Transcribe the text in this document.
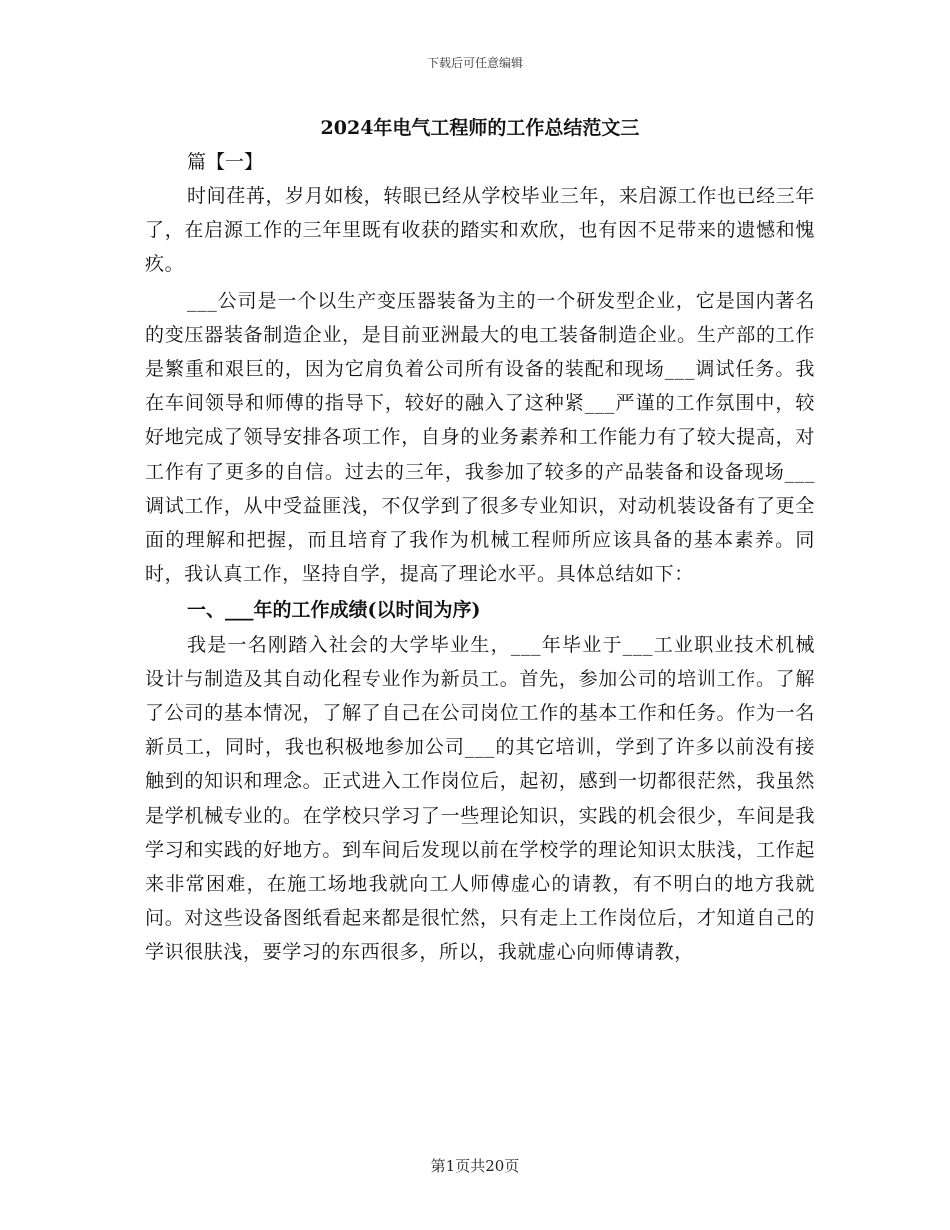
下载后可任意编辑
2024年电气工程师的工作总结范文三
篇【一】

时间荏苒，岁月如梭，转眼已经从学校毕业三年，来启源工作也已经三年了，在启源工作的三年里既有收获的踏实和欢欣，也有因不足带来的遗憾和愧疚。

___公司是一个以生产变压器装备为主的一个研发型企业，它是国内著名的变压器装备制造企业，是目前亚洲最大的电工装备制造企业。生产部的工作是繁重和艰巨的，因为它肩负着公司所有设备的装配和现场___调试任务。我在车间领导和师傅的指导下，较好的融入了这种紧___严谨的工作氛围中，较好地完成了领导安排各项工作，自身的业务素养和工作能力有了较大提高，对工作有了更多的自信。过去的三年，我参加了较多的产品装备和设备现场___调试工作，从中受益匪浅，不仅学到了很多专业知识，对动机装设备有了更全面的理解和把握，而且培育了我作为机械工程师所应该具备的基本素养。同时，我认真工作，坚持自学，提高了理论水平。具体总结如下：

一、___年的工作成绩(以时间为序)

我是一名刚踏入社会的大学毕业生，___年毕业于___工业职业技术机械设计与制造及其自动化程专业作为新员工。首先，参加公司的培训工作。了解了公司的基本情况，了解了自己在公司岗位工作的基本工作和任务。作为一名新员工，同时，我也积极地参加公司___的其它培训，学到了许多以前没有接触到的知识和理念。正式进入工作岗位后，起初，感到一切都很茫然，我虽然是学机械专业的。在学校只学习了一些理论知识，实践的机会很少，车间是我学习和实践的好地方。到车间后发现以前在学校学的理论知识太肤浅，工作起来非常困难，在施工场地我就向工人师傅虚心的请教，有不明白的地方我就问。对这些设备图纸看起来都是很忙然，只有走上工作岗位后，才知道自己的学识很肤浅，要学习的东西很多，所以，我就虚心向师傅请教，

第1页共20页
